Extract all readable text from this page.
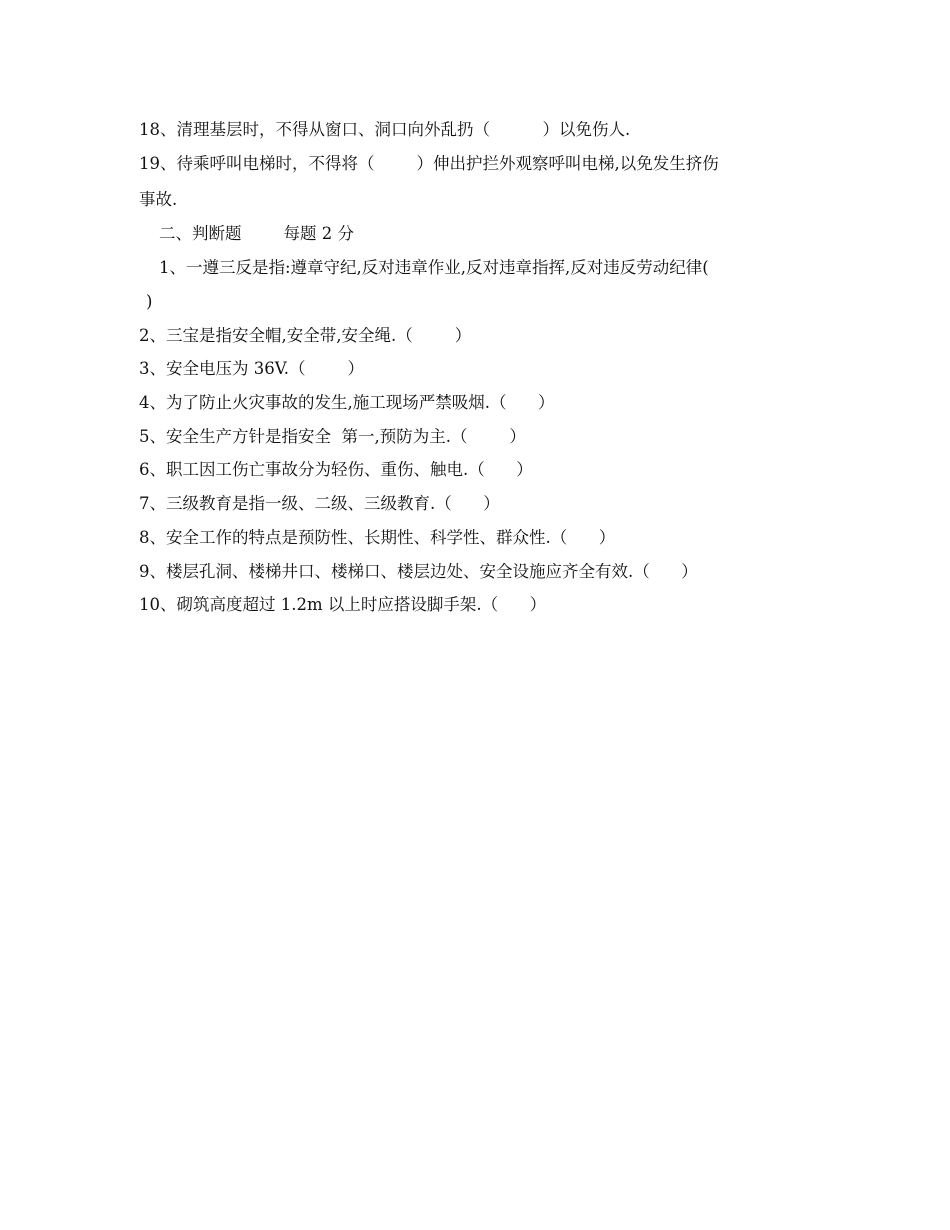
18、清理基层时，不得从窗口、洞口向外乱扔（          ）以免伤人.
19、待乘呼叫电梯时，不得将（        ）伸出护拦外观察呼叫电梯,以免发生挤伤
事故.
二、判断题        每题 2 分
1、一遵三反是指:遵章守纪,反对违章作业,反对违章指挥,反对违反劳动纪律(
)
2、三宝是指安全帽,安全带,安全绳.（        ）
3、安全电压为 36V.（        ）
4、为了防止火灾事故的发生,施工现场严禁吸烟.（      ）
5、安全生产方针是指安全  第一,预防为主.（        ）
6、职工因工伤亡事故分为轻伤、重伤、触电.（      ）
7、三级教育是指一级、二级、三级教育.（      ）
8、安全工作的特点是预防性、长期性、科学性、群众性.（      ）
9、楼层孔洞、楼梯井口、楼梯口、楼层边处、安全设施应齐全有效.（      ）
10、砌筑高度超过 1.2m 以上时应搭设脚手架.（      ）
